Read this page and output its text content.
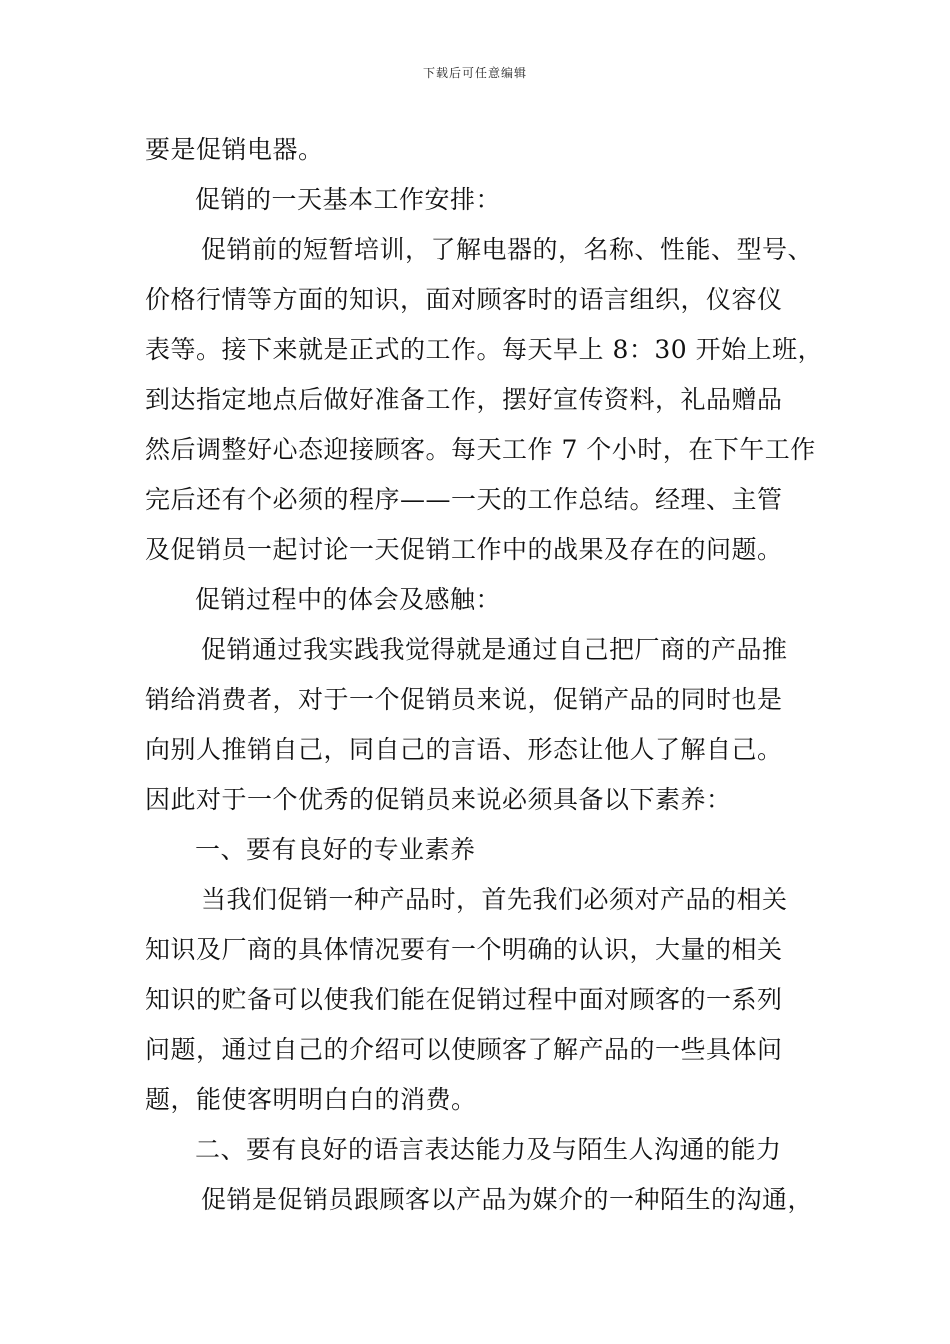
下载后可任意编辑
要是促销电器。
促销的一天基本工作安排：
促销前的短暂培训，了解电器的，名称、性能、型号、
价格行情等方面的知识，面对顾客时的语言组织，仪容仪
表等。接下来就是正式的工作。每天早上 8：30 开始上班，
到达指定地点后做好准备工作，摆好宣传资料，礼品赠品
然后调整好心态迎接顾客。每天工作 7 个小时，在下午工作
完后还有个必须的程序——一天的工作总结。经理、主管
及促销员一起讨论一天促销工作中的战果及存在的问题。
促销过程中的体会及感触：
促销通过我实践我觉得就是通过自己把厂商的产品推
销给消费者，对于一个促销员来说，促销产品的同时也是
向别人推销自己，同自己的言语、形态让他人了解自己。
因此对于一个优秀的促销员来说必须具备以下素养：
一、要有良好的专业素养
当我们促销一种产品时，首先我们必须对产品的相关
知识及厂商的具体情况要有一个明确的认识，大量的相关
知识的贮备可以使我们能在促销过程中面对顾客的一系列
问题，通过自己的介绍可以使顾客了解产品的一些具体问
题，能使客明明白白的消费。
二、要有良好的语言表达能力及与陌生人沟通的能力
促销是促销员跟顾客以产品为媒介的一种陌生的沟通，
